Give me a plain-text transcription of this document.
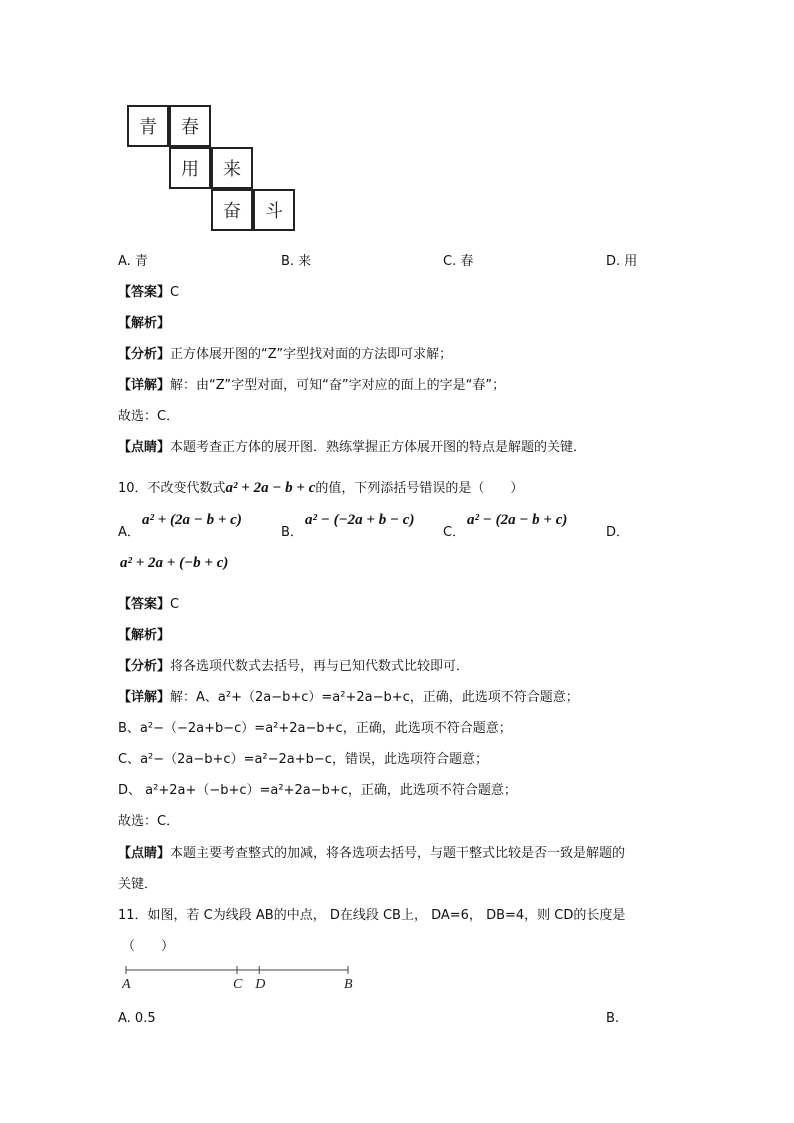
青	春
用	来
奋	斗
A. 青	B. 来	C. 春	D. 用
【答案】C
【解析】
【分析】正方体展开图的“Z”字型找对面的方法即可求解；
【详解】解：由“Z”字型对面，可知“奋”字对应的面上的字是“春”；
故选：C．
【点睛】本题考查正方体的展开图．熟练掌握正方体展开图的特点是解题的关键．
10．不改变代数式a² + 2a − b + c的值，下列添括号错误的是（　　）
A．
a² + (2a − b + c)
B．
a² − (−2a + b − c)
C．
a² − (2a − b + c)
D．
a² + 2a + (−b + c)
【答案】C
【解析】
【分析】将各选项代数式去括号，再与已知代数式比较即可．
【详解】解：A、a²+（2a−b+c）=a²+2a−b+c，正确，此选项不符合题意；
B、a²−（−2a+b−c）=a²+2a−b+c，正确，此选项不符合题意；
C、a²−（2a−b+c）=a²−2a+b−c，错误，此选项符合题意；
D、 a²+2a+（−b+c）=a²+2a−b+c，正确，此选项不符合题意；
故选：C．
【点睛】本题主要考查整式的加减，将各选项去括号，与题干整式比较是否一致是解题的
关键．
11．如图，若 C为线段 AB的中点， D在线段 CB上， DA=6， DB=4，则 CD的长度是
（　　）
A	C D	B
A. 0.5	B.
